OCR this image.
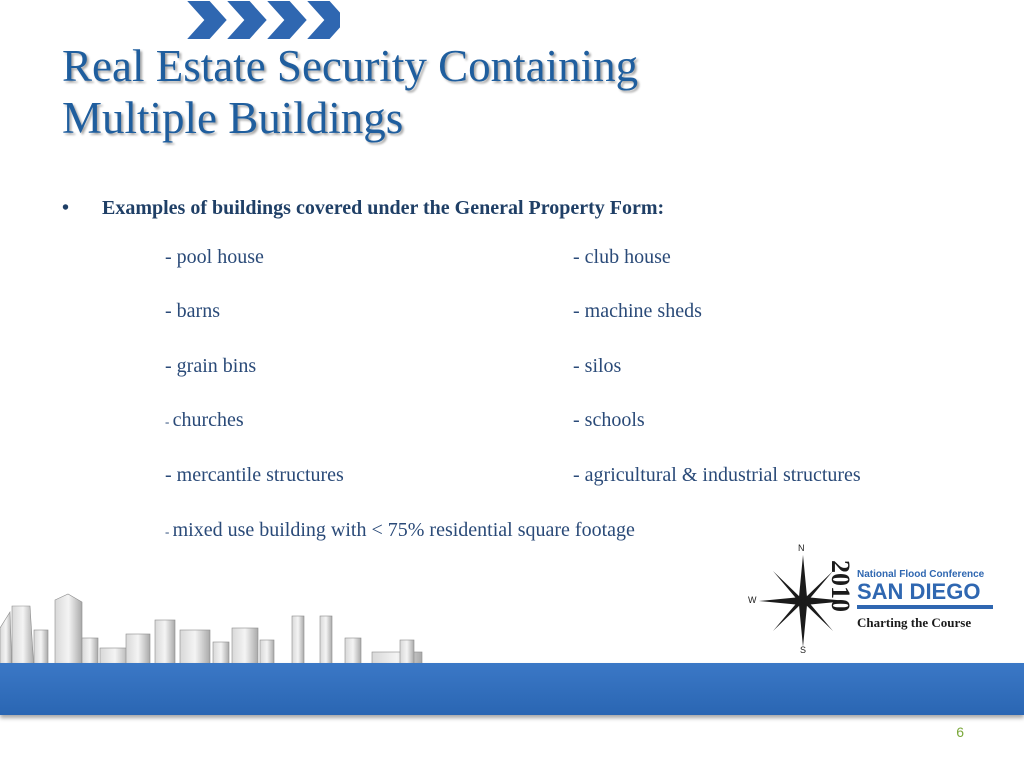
Real Estate Security Containing
Multiple Buildings
• Examples of buildings covered under the General Property Form:
- pool house
- barns
- grain bins
- churches
- mercantile structures
- mixed use building with < 75% residential square footage
- club house
- machine sheds
- silos
- schools
- agricultural & industrial structures
N
S
W	2010 National Flood Conference
SAN DIEGO
Charting the Course
6
